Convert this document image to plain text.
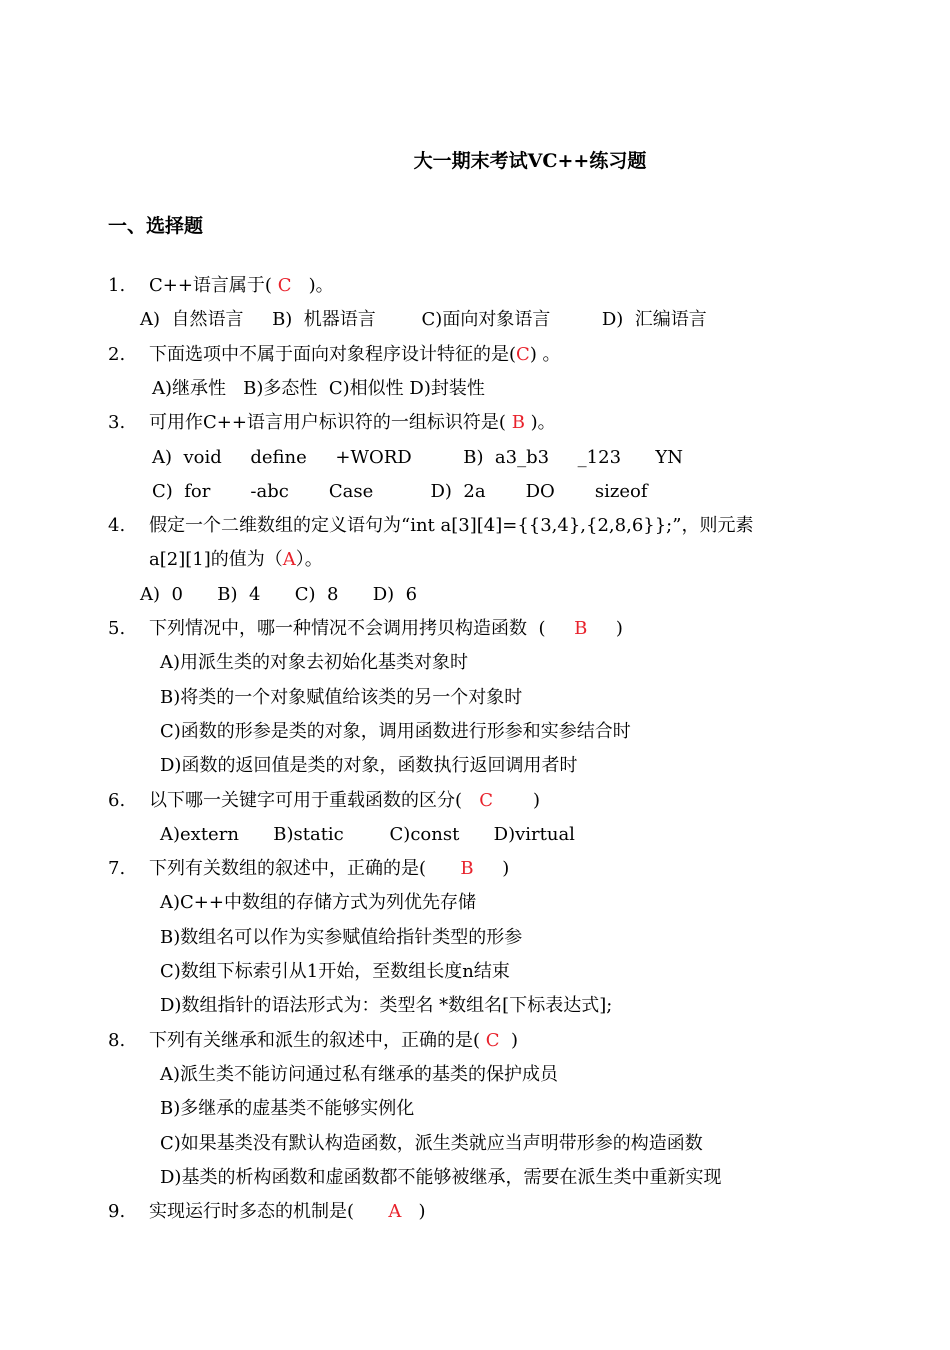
大一期末考试VC++练习题
一、选择题
1. C++语言属于( C   )。
A)  自然语言     B)  机器语言        C)面向对象语言         D)  汇编语言
2. 下面选项中不属于面向对象程序设计特征的是(C) 。
A)继承性   B)多态性  C)相似性 D)封装性
3. 可用作C++语言用户标识符的一组标识符是( B )。
A)  void     define     +WORD         B)  a3_b3     _123      YN
C)  for       -abc       Case          D)  2a       DO       sizeof
4. 假定一个二维数组的定义语句为“int a[3][4]={{3,4},{2,8,6}};”，则元素
a[2][1]的值为（A）。
A)  0      B)  4      C)  8      D)  6
5. 下列情况中，哪一种情况不会调用拷贝构造函数  (     B     )
A)用派生类的对象去初始化基类对象时
B)将类的一个对象赋值给该类的另一个对象时
C)函数的形参是类的对象，调用函数进行形参和实参结合时
D)函数的返回值是类的对象，函数执行返回调用者时
6. 以下哪一关键字可用于重载函数的区分(   C       )
A)extern      B)static        C)const      D)virtual
7. 下列有关数组的叙述中，正确的是(      B     )
A)C++中数组的存储方式为列优先存储
B)数组名可以作为实参赋值给指针类型的形参
C)数组下标索引从1开始，至数组长度n结束
D)数组指针的语法形式为：类型名 *数组名[下标表达式];
8. 下列有关继承和派生的叙述中，正确的是( C  )
A)派生类不能访问通过私有继承的基类的保护成员
B)多继承的虚基类不能够实例化
C)如果基类没有默认构造函数，派生类就应当声明带形参的构造函数
D)基类的析构函数和虚函数都不能够被继承，需要在派生类中重新实现
9. 实现运行时多态的机制是(      A   )
